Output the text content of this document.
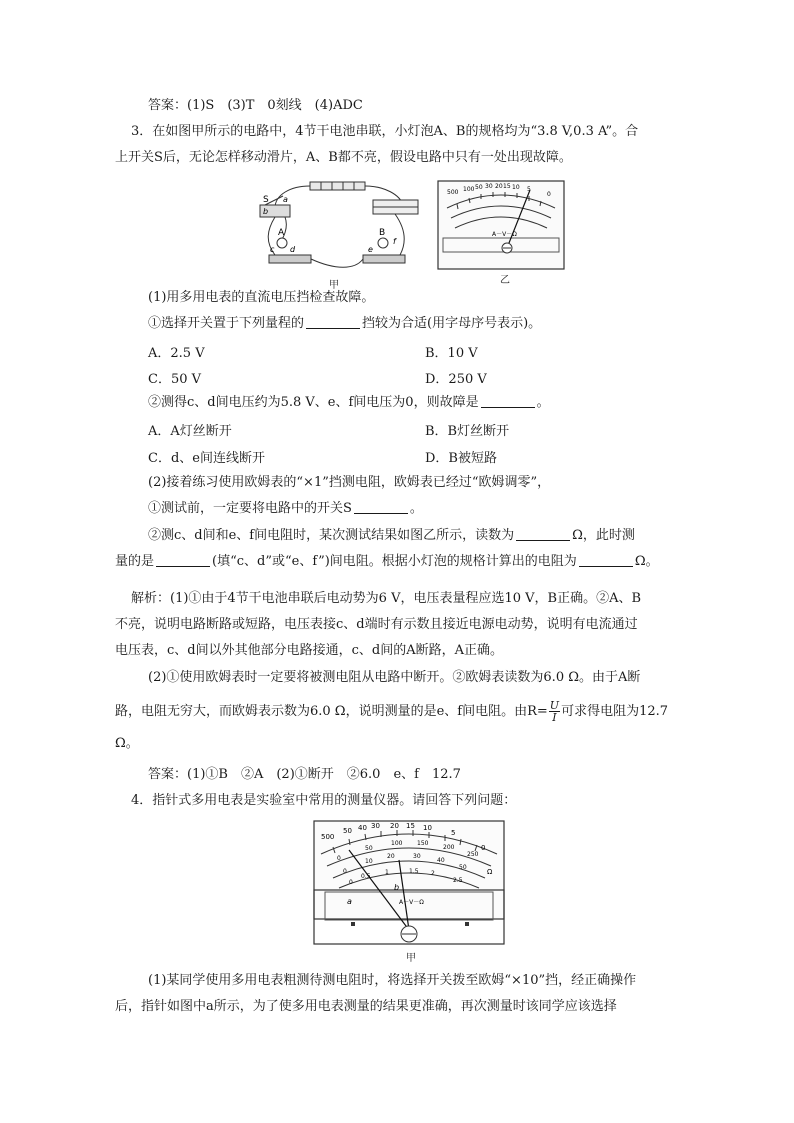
答案：(1)S　(3)T　0刻线　(4)ADC
3．在如图甲所示的电路中，4节干电池串联，小灯泡A、B的规格均为“3.8 V,0.3 A”。合
上开关S后，无论怎样移动滑片，A、B都不亮，假设电路中只有一处出现故障。
S a
b
A
c d	e
B
f
甲
500 100 50 30 20 15 10 5
0
A－V－Ω
乙
(1)用多用电表的直流电压挡检查故障。
①选择开关置于下列量程的	挡较为合适(用字母序号表示)。
A．2.5 V	B．10 V
C．50 V	D．250 V
②测得c、d间电压约为5.8 V、e、f间电压为0，则故障是	。
A．A灯丝断开	B．B灯丝断开
C．d、e间连线断开	D．B被短路
(2)接着练习使用欧姆表的“×1”挡测电阻，欧姆表已经过“欧姆调零”，
①测试前，一定要将电路中的开关S	。
②测c、d间和e、f间电阻时，某次测试结果如图乙所示，读数为	Ω，此时测
量的是	(填“c、d”或“e、f”)间电阻。根据小灯泡的规格计算出的电阻为	Ω。
解析：(1)①由于4节干电池串联后电动势为6 V，电压表量程应选10 V，B正确。②A、B
不亮，说明电路断路或短路，电压表接c、d端时有示数且接近电源电动势，说明有电流通过
电压表，c、d间以外其他部分电路接通，c、d间的A断路，A正确。
(2)①使用欧姆表时一定要将被测电阻从电路中断开。②欧姆表读数为6.0 Ω。由于A断
路，电阻无穷大，而欧姆表示数为6.0 Ω，说明测量的是e、f间电阻。由$R= \frac{U}{I}$ 可求得电阻为12.7
Ω。
答案：(1)①B　②A　(2)①断开　②6.0　e、f　12.7
4．指针式多用电表是实验室中常用的测量仪器。请回答下列问题：
500
50 40 30 20 15 10
5
0
0
50
100 150
200
250
0
10
20	30
40
50
0
0.5
1	1.5 2
2.5
a
b
A－V－Ω
Ω
甲
(1)某同学使用多用电表粗测待测电阻时，将选择开关拨至欧姆“×10”挡，经正确操作
后，指针如图中a所示，为了使多用电表测量的结果更准确，再次测量时该同学应该选择
